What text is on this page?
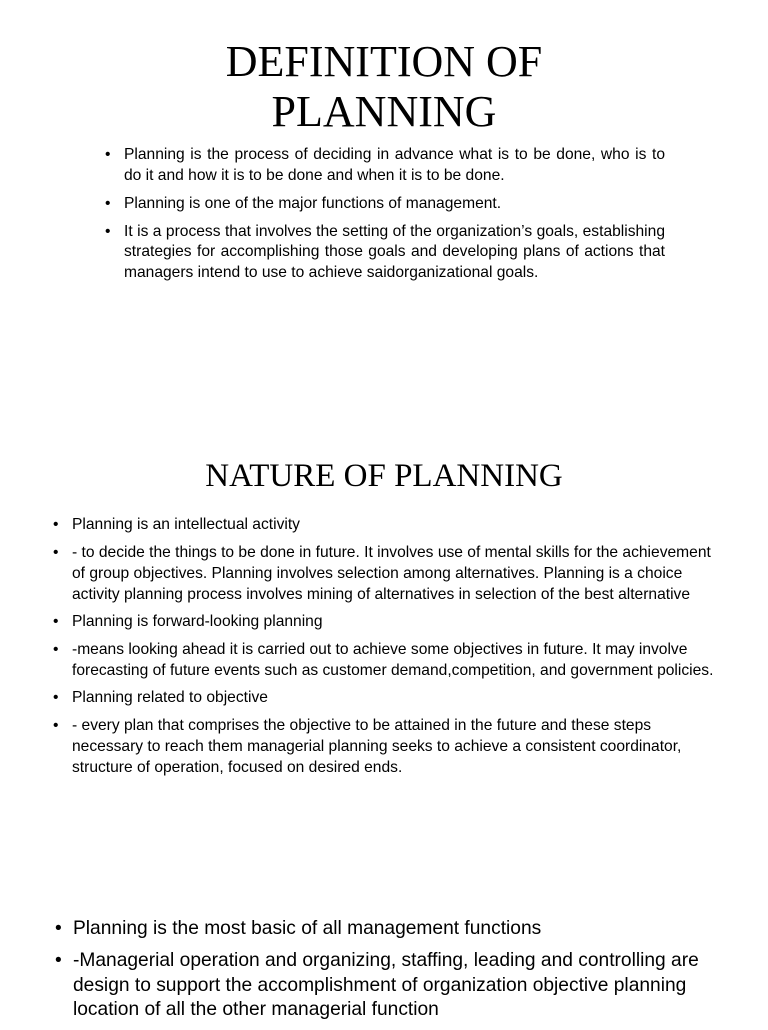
DEFINITION OF
PLANNING
• Planning is the process of deciding in advance what is to be done, who is to do it and how it is to be done and when it is to be done.
• Planning is one of the major functions of management.
• It is a process that involves the setting of the organization’s goals, establishing strategies for accomplishing those goals and developing plans of actions that managers intend to use to achieve saidorganizational goals.
NATURE OF PLANNING
• Planning is an intellectual activity
• - to decide the things to be done in future. It involves use of mental skills for the achievement of group objectives. Planning involves selection among alternatives. Planning is a choice activity planning process involves mining of alternatives in selection of the best alternative
• Planning is forward-looking planning
• -means looking ahead it is carried out to achieve some objectives in future. It may involve forecasting of future events such as customer demand,competition, and government policies.
• Planning related to objective
• - every plan that comprises the objective to be attained in the future and these steps necessary to reach them managerial planning seeks to achieve a consistent coordinator, structure of operation, focused on desired ends.
• Planning is the most basic of all management functions
• -Managerial operation and organizing, staffing, leading and controlling are design to support the accomplishment of organization objective planning location of all the other managerial function
